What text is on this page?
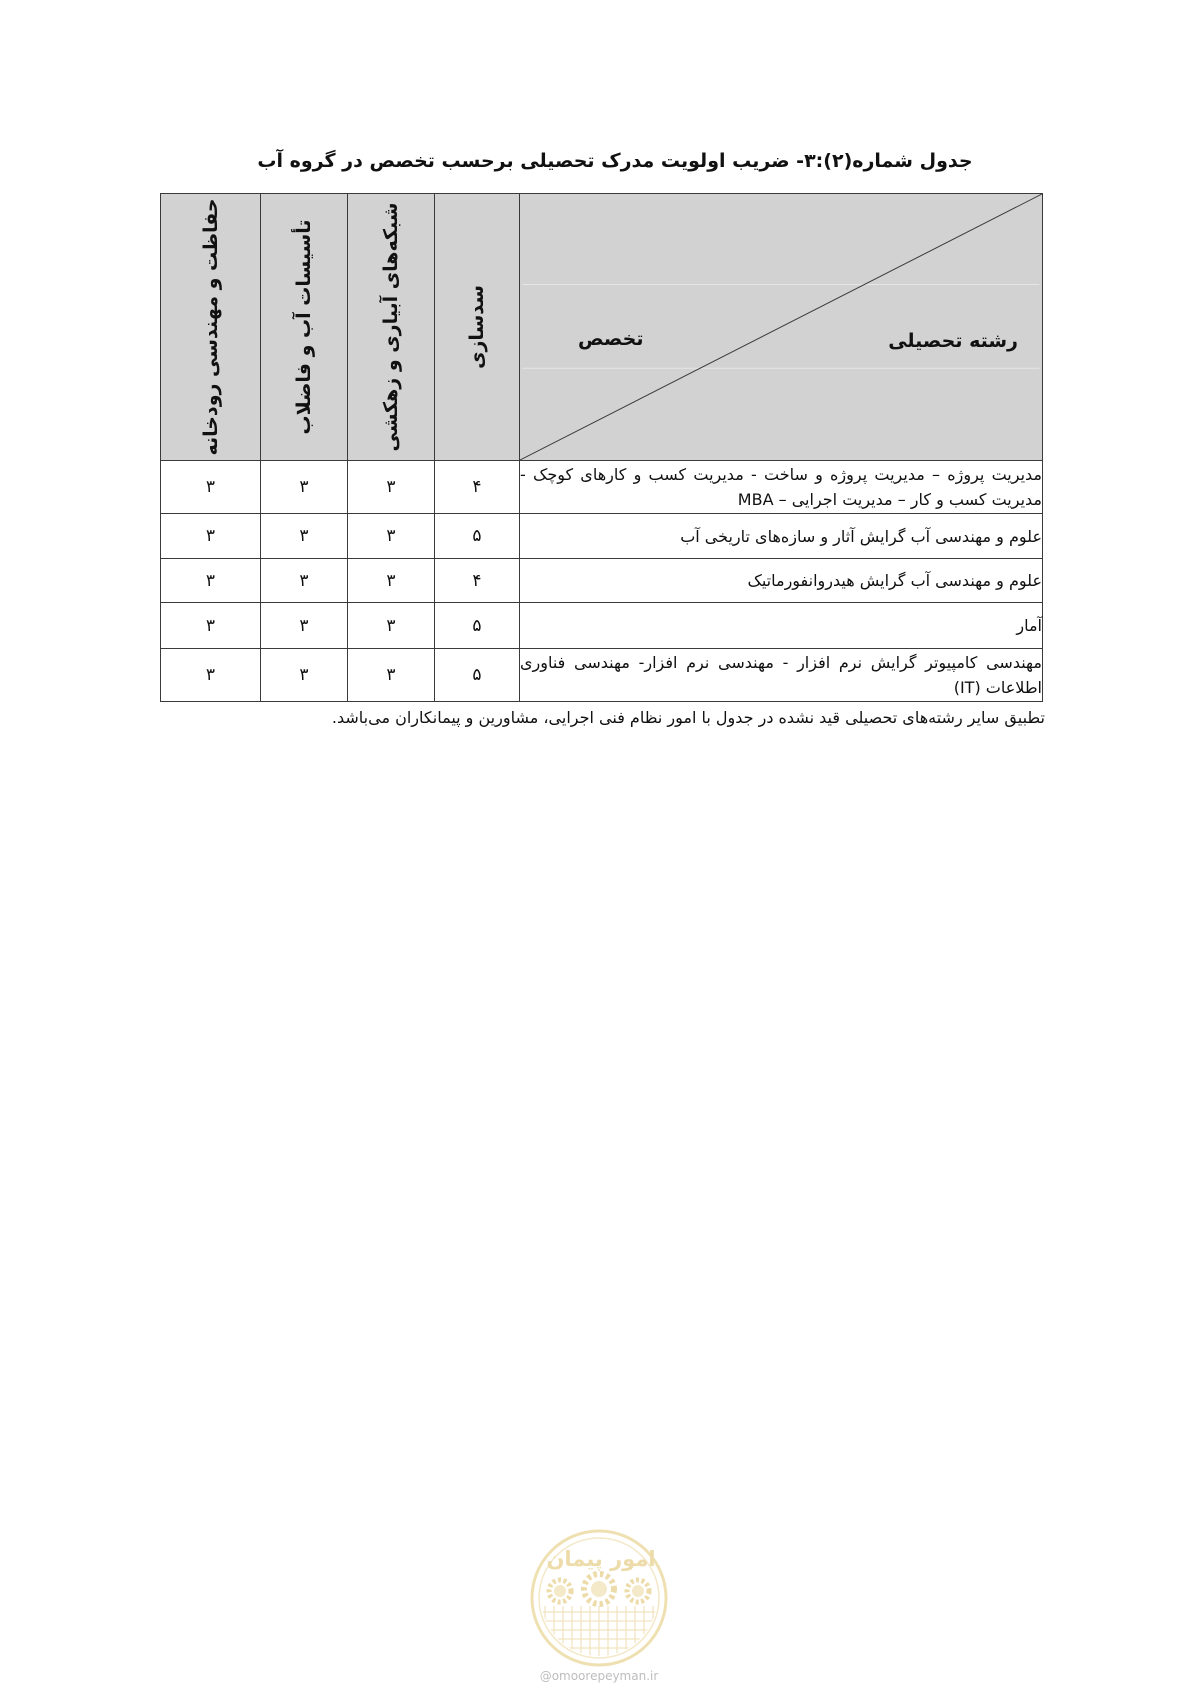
جدول شماره(۲):۳- ضریب اولویت مدرک تحصیلی برحسب تخصص در گروه آب
تخصص رشته تحصیلی	سدسازی	شبکه‌های آبیاری و زهکشی	تأسیسات آب و فاضلاب	حفاظت و مهندسی رودخانه

مدیریت پروژه – مدیریت پروژه و ساخت - مدیریت کسب و کارهای کوچک - مدیریت کسب و کار – مدیریت اجرایی – MBA	۴	۳	۳	۳
علوم و مهندسی آب گرایش آثار و سازه‌های تاریخی آب	۵	۳	۳	۳
علوم و مهندسی آب گرایش هیدروانفورماتیک	۴	۳	۳	۳
آمار	۵	۳	۳	۳
مهندسی کامپیوتر گرایش نرم افزار - مهندسی نرم افزار- مهندسی فناوری اطلاعات (IT)	۵	۳	۳	۳
تطبیق سایر رشته‌های تحصیلی قید نشده در جدول با امور نظام فنی اجرایی، مشاورین و پیمانکاران می‌باشد.
امور پیمان
@omoorepeyman.ir
